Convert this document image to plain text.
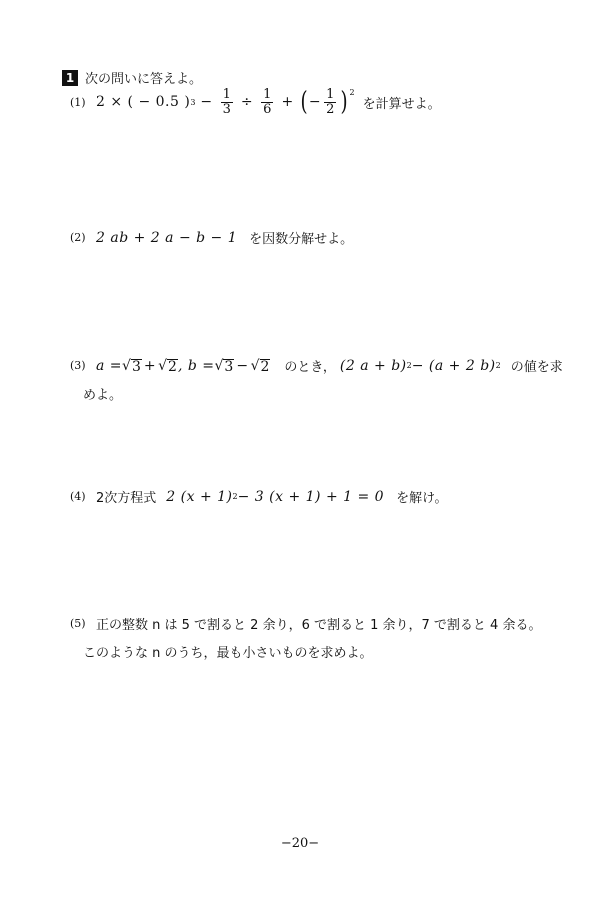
1 次の問いに答えよ。
(1) 2 × ( − 0.5 ) $3 - \frac{1}{3} \div \frac{1}{6}$ + ( − $\frac{1}{2} )^2$
を計算せよ。
(2) 2 ab + 2 a − b − 1 を因数分解せよ。
(3) a = √ 3 + √ 2 , b = √ 3 − √ 2 のとき， (2 a + b) 2 − (a + 2 b) 2 の値を求
めよ。
(4) 2次方程式 2 (x + 1) 2 − 3 (x + 1) + 1 = 0 を解け。
(5) 正の整数 n は 5 で割ると 2 余り，6 で割ると 1 余り，7 で割ると 4 余る。
このような n のうち，最も小さいものを求めよ。
−20−
